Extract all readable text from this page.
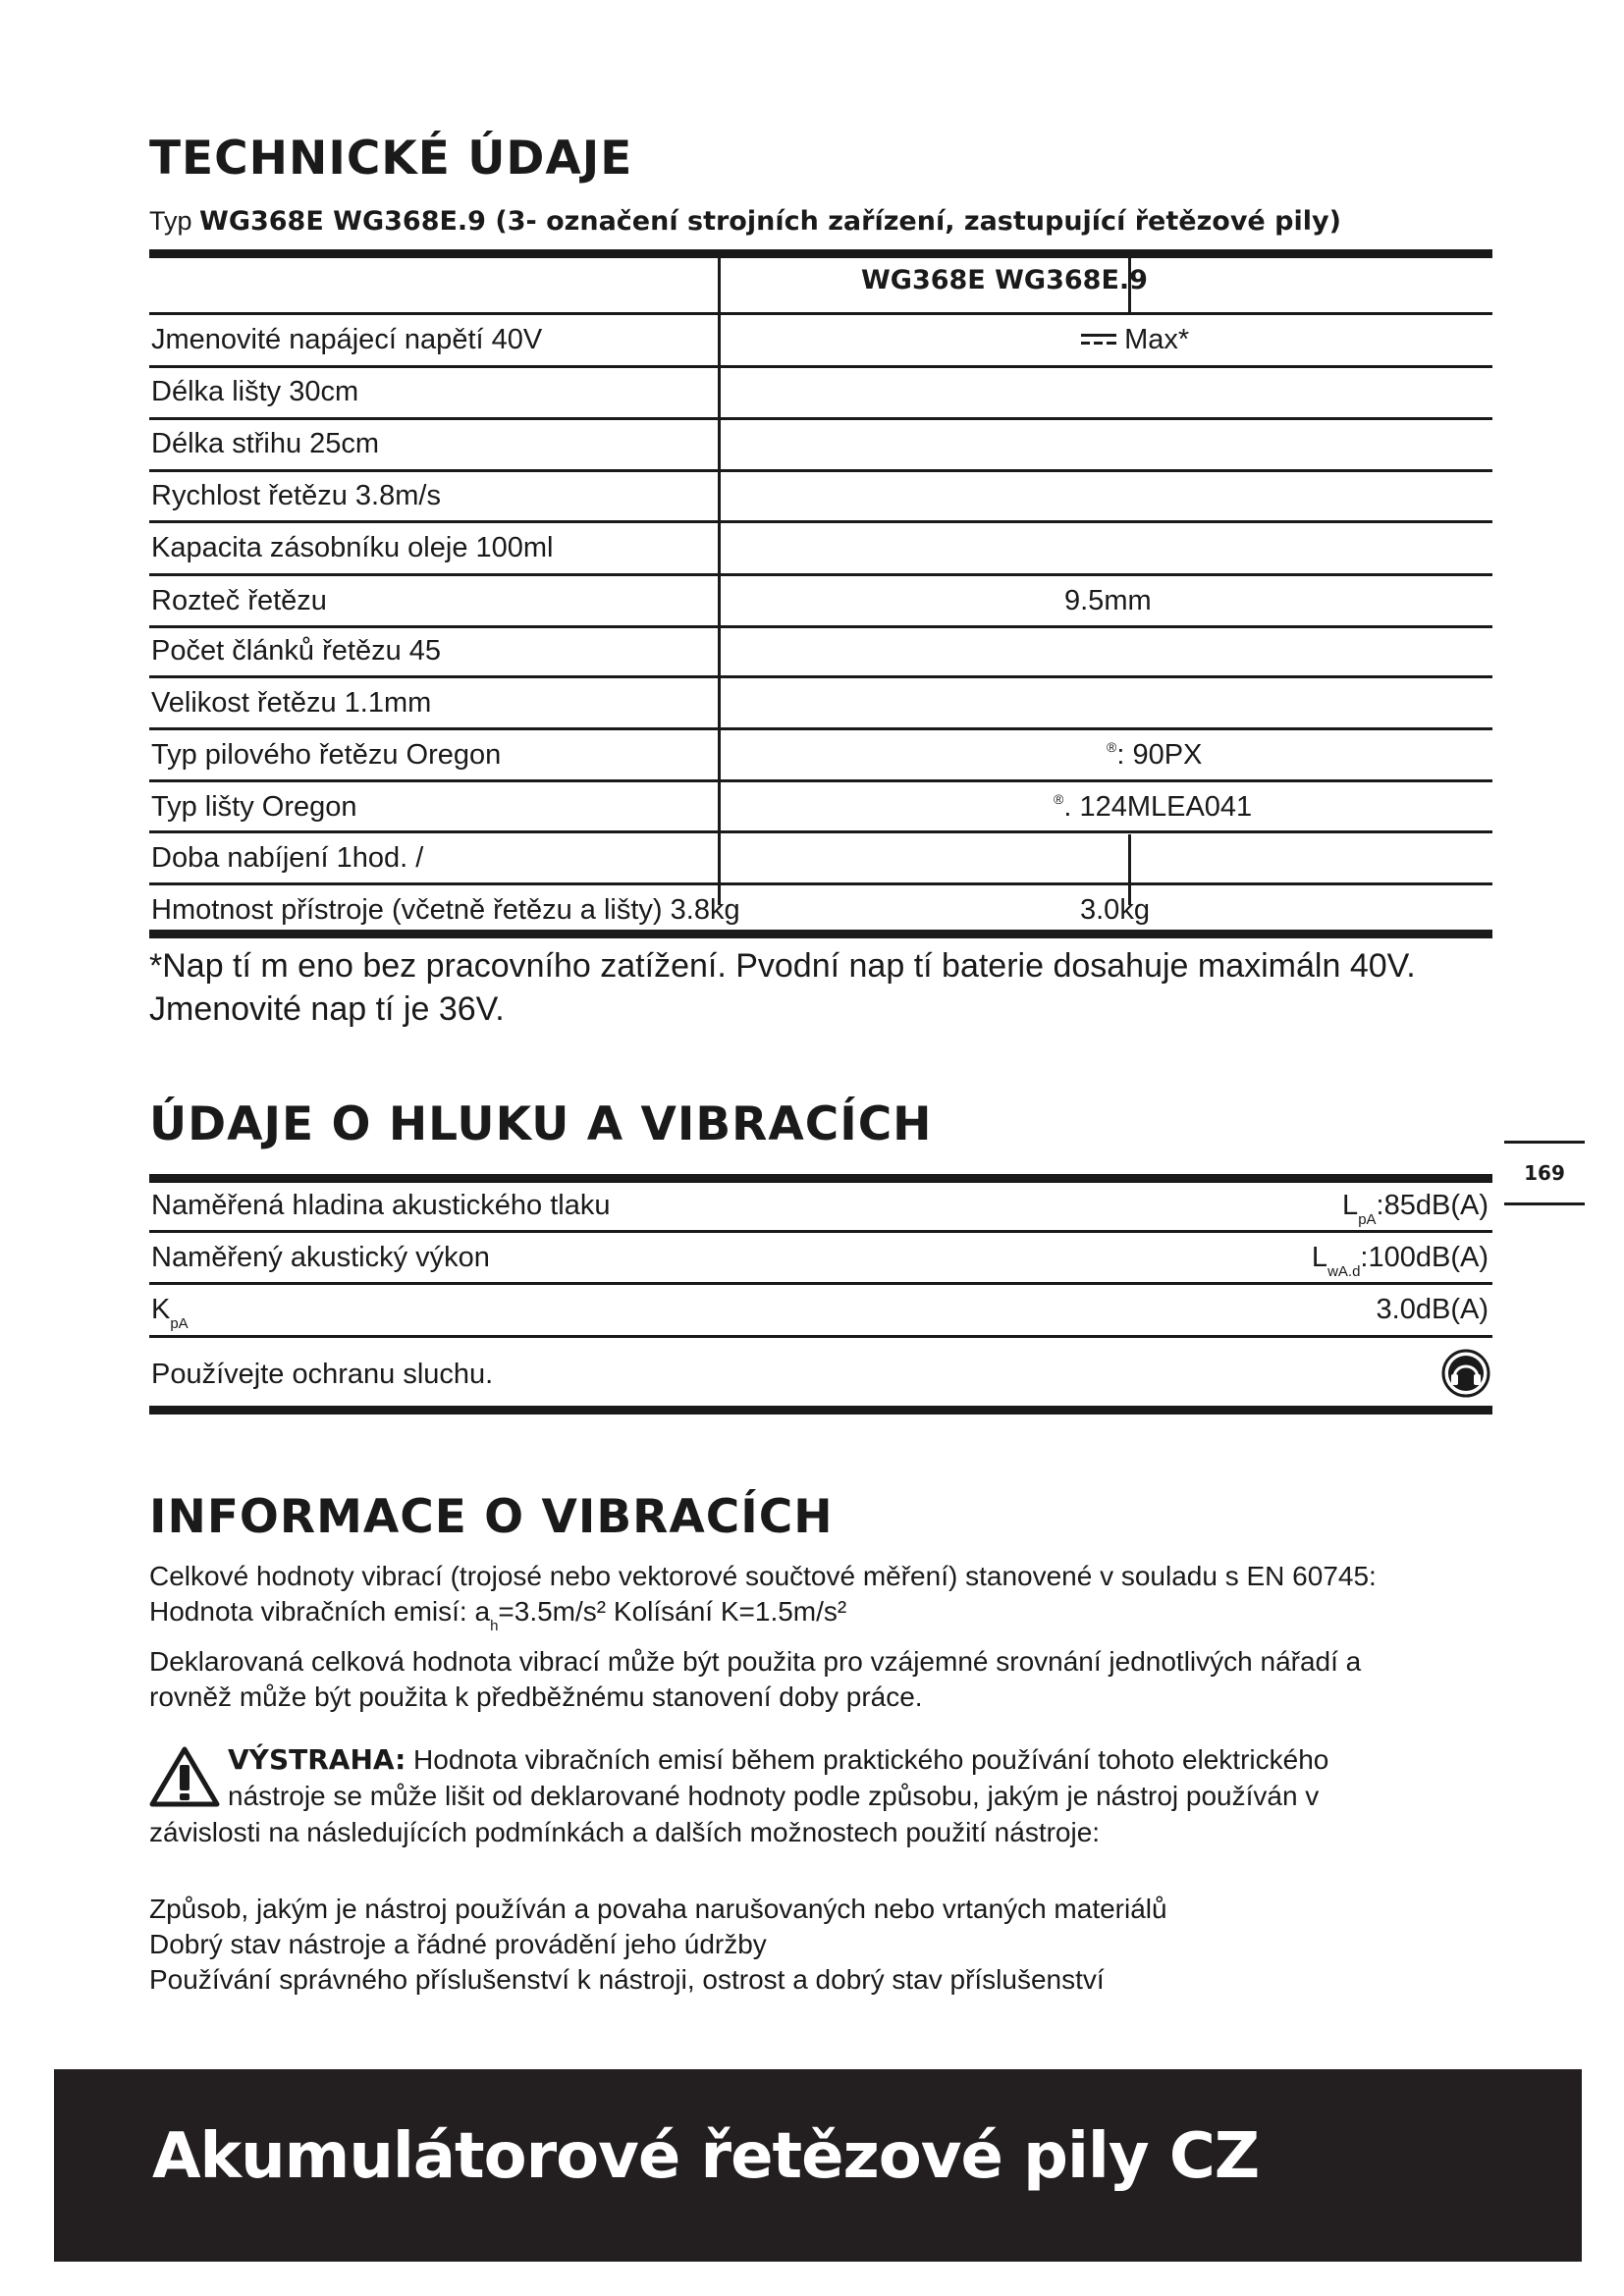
TECHNICKÉ ÚDAJE
Typ WG368E WG368E.9 (3- označení strojních zařízení, zastupující řetězové pily)
WG368E WG368E.9
Jmenovité napájecí napětí 40V	Max*
Délka lišty 30cm
Délka střihu 25cm
Rychlost řetězu 3.8m/s
Kapacita zásobníku oleje 100ml
Rozteč řetězu	9.5mm
Počet článků řetězu 45
Velikost řetězu 1.1mm
Typ pilového řetězu Oregon	®: 90PX
Typ lišty Oregon	®. 124MLEA041
Doba nabíjení 1hod. /
Hmotnost přístroje (včetně řetězu a lišty) 3.8kg	3.0kg
*Nap tí m eno bez pracovního zatížení. Pvodní nap tí baterie dosahuje maximáln 40V.
Jmenovité nap tí je 36V.
169
ÚDAJE O HLUKU A VIBRACÍCH
Naměřená hladina akustického tlaku	$L_{pA}:85dB(A)$
Naměřený akustický výkon	$L_{wA.d}:100dB(A)$
$K_{pA}$	3.0dB(A)
Používejte ochranu sluchu.
INFORMACE O VIBRACÍCH
Celkové hodnoty vibrací (trojosé nebo vektorové součtové měření) stanovené v souladu s EN 60745:
Hodnota vibračních emisí: $a_h=3.5m/s^2$ Kolísání K=1.5m/s²
Deklarovaná celková hodnota vibrací může být použita pro vzájemné srovnání jednotlivých nářadí a
rovněž může být použita k předběžnému stanovení doby práce.
VÝSTRAHA: Hodnota vibračních emisí během praktického používání tohoto elektrického
nástroje se může lišit od deklarované hodnoty podle způsobu, jakým je nástroj používán v
závislosti na následujících podmínkách a dalších možnostech použití nástroje:
Způsob, jakým je nástroj používán a povaha narušovaných nebo vrtaných materiálů
Dobrý stav nástroje a řádné provádění jeho údržby
Používání správného příslušenství k nástroji, ostrost a dobrý stav příslušenství
Akumulátorové řetězové pily CZ
